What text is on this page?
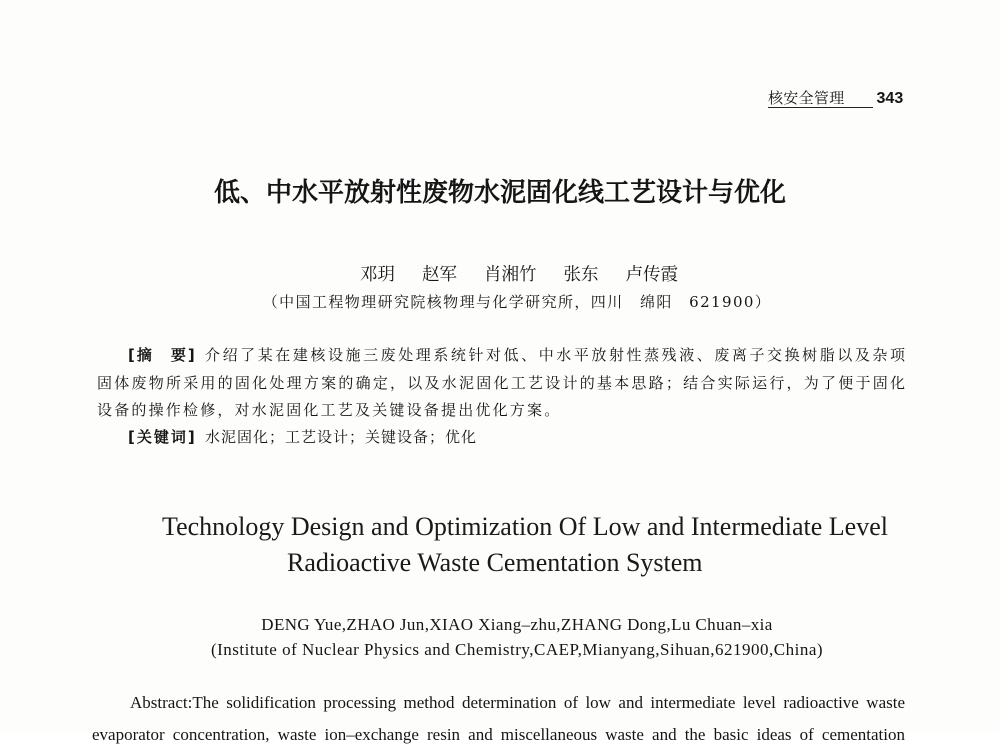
核安全管理	343
低、中水平放射性废物水泥固化线工艺设计与优化
邓玥 赵军 肖湘竹 张东 卢传霞
（中国工程物理研究院核物理与化学研究所，四川　绵阳　621900）
[摘　要] 介绍了某在建核设施三废处理系统针对低、中水平放射性蒸残液、废离子交换树脂以及杂项
固体废物所采用的固化处理方案的确定，以及水泥固化工艺设计的基本思路；结合实际运行，为了便于固化
设备的操作检修，对水泥固化工艺及关键设备提出优化方案。
[关键词] 水泥固化；工艺设计；关键设备；优化
Technology Design and Optimization Of Low and Intermediate Level
Radioactive Waste Cementation System
DENG Yue,ZHAO Jun,XIAO Xiang–zhu,ZHANG Dong,Lu Chuan–xia
(Institute of Nuclear Physics and Chemistry,CAEP,Mianyang,Sihuan,621900,China)
Abstract:The solidification processing method determination of low and intermediate level radioactive waste
evaporator concentration, waste ion–exchange resin and miscellaneous waste and the basic ideas of cementation
